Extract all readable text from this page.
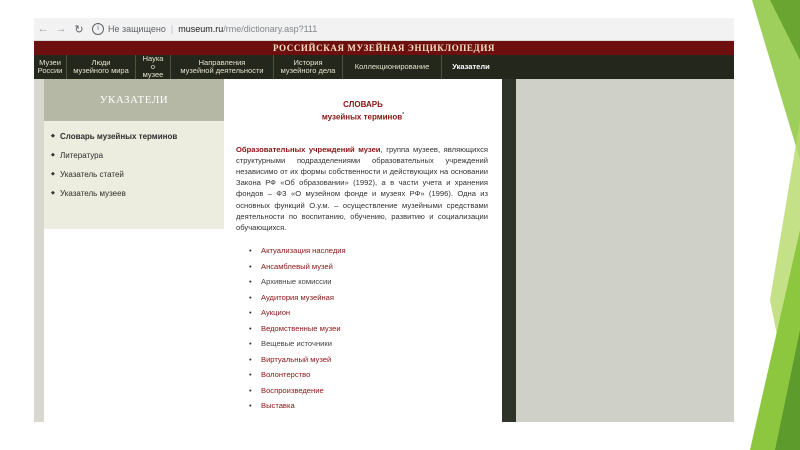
← → ↻	i	Не защищено | museum.ru/rme/dictionary.asp?111
РОССИЙСКАЯ МУЗЕЙНАЯ ЭНЦИКЛОПЕДИЯ
Музеи
России
Люди
музейного мира
Наука
о музее
Направления
музейной деятельности
История
музейного дела	Коллекционирование	Указатели
УКАЗАТЕЛИ
◆ Словарь музейных терминов
◆ Литература
◆ Указатель статей
◆ Указатель музеев
СЛОВАРЬ
музейных терминов*
Образовательных учреждений музеи, группа музеев, являющихся структурными подразделениями образовательных учреждений независимо от их формы собственности и действующих на основании Закона РФ «Об образовании» (1992), а в части учета и хранения фондов – ФЗ «О музейном фонде и музеях РФ» (1996). Одна из основных функций О.у.м. – осуществление музейными средствами деятельности по воспитанию, обучению, развитию и социализации обучающихся.
• Актуализация наследия
• Ансамблевый музей
• Архивные комиссии
• Аудитория музейная
• Аукцион
• Ведомственные музеи
• Вещевые источники
• Виртуальный музей
• Волонтерство
• Воспроизведение
• Выставка
